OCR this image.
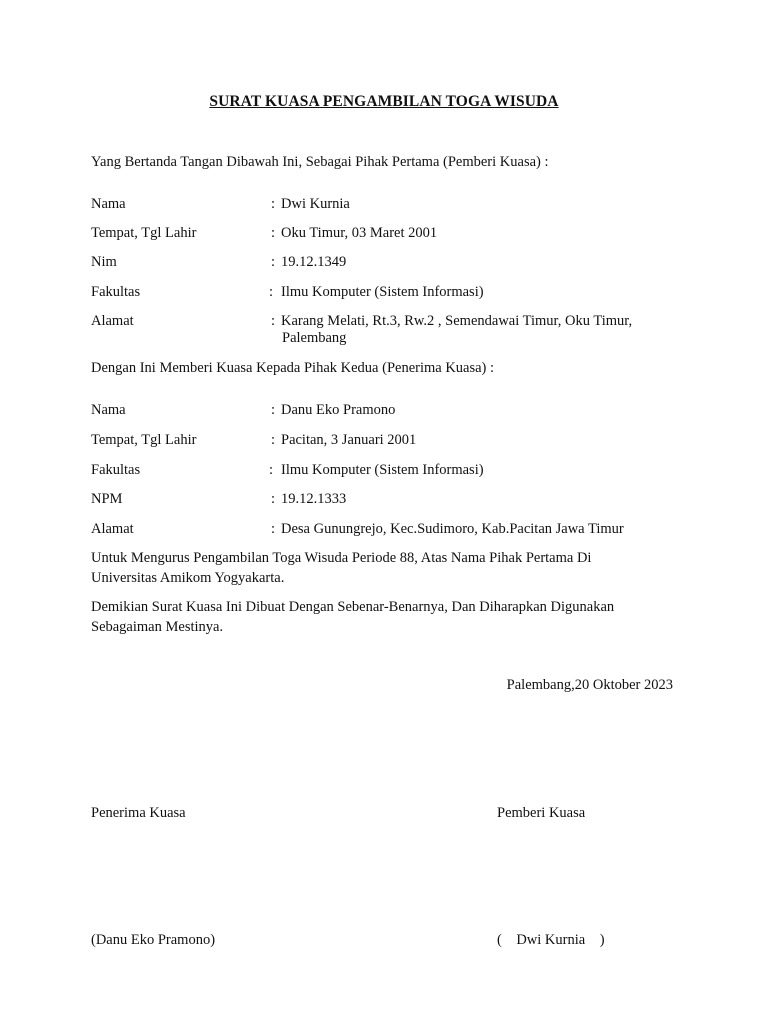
SURAT KUASA PENGAMBILAN TOGA WISUDA
Yang Bertanda Tangan Dibawah Ini, Sebagai Pihak Pertama (Pemberi Kuasa) :
Nama	: Dwi Kurnia
Tempat, Tgl Lahir	: Oku Timur, 03 Maret 2001
Nim	: 19.12.1349
Fakultas	: Ilmu Komputer (Sistem Informasi)
Alamat	: Karang Melati, Rt.3, Rw.2 , Semendawai Timur, Oku Timur,
Palembang
Dengan Ini Memberi Kuasa Kepada Pihak Kedua (Penerima Kuasa) :
Nama	: Danu Eko Pramono
Tempat, Tgl Lahir	: Pacitan, 3 Januari 2001
Fakultas	: Ilmu Komputer (Sistem Informasi)
NPM	: 19.12.1333
Alamat	: Desa Gunungrejo, Kec.Sudimoro, Kab.Pacitan Jawa Timur
Untuk Mengurus Pengambilan Toga Wisuda Periode 88, Atas Nama Pihak Pertama Di
Universitas Amikom Yogyakarta.
Demikian Surat Kuasa Ini Dibuat Dengan Sebenar-Benarnya, Dan Diharapkan Digunakan
Sebagaiman Mestinya.
Palembang,20 Oktober 2023
Penerima Kuasa	Pemberi Kuasa
(Danu Eko Pramono)	(    Dwi Kurnia    )
